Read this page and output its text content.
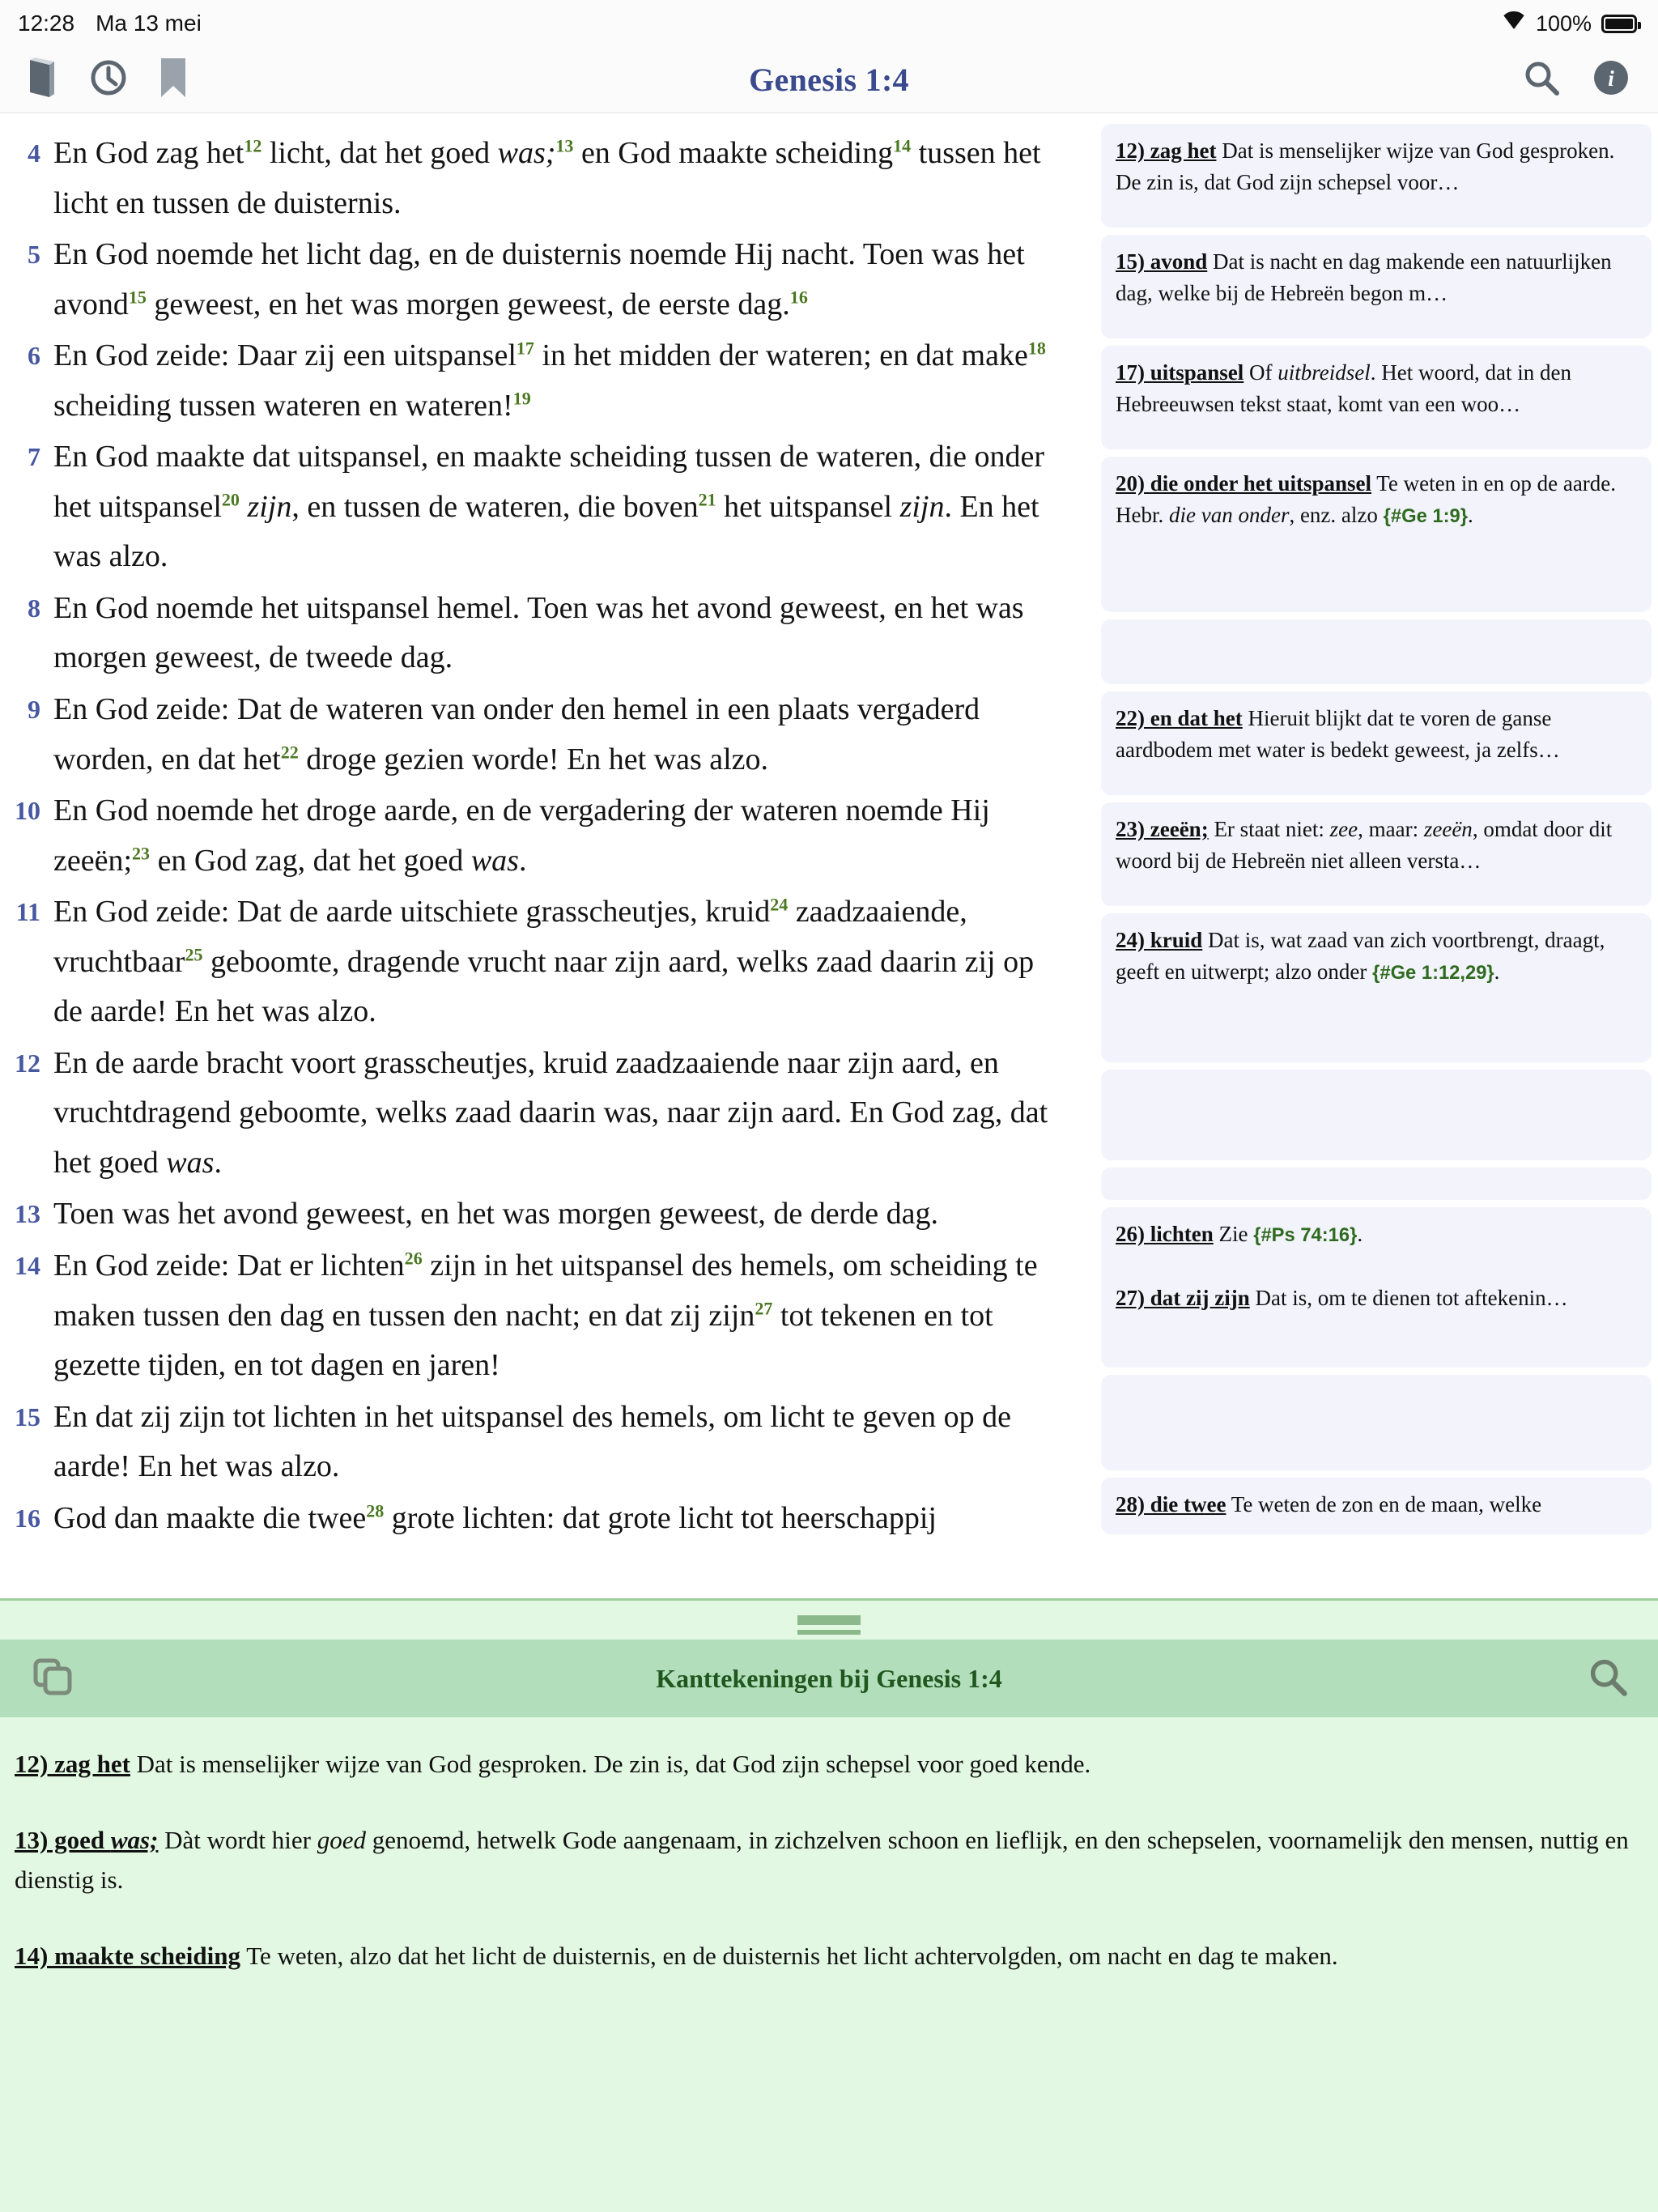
12:28 Ma 13 mei	100%
Genesis 1:4	i
4 En God zag het$^{12}$ licht, dat het goed was;$^{13}$ en God maakte scheiding$^{14}$ tussen het licht en tussen de duisternis.
5 En God noemde het licht dag, en de duisternis noemde Hij nacht. Toen was het avond$^{15}$ geweest, en het was morgen geweest, de eerste dag.$^{16}$
6 En God zeide: Daar zij een uitspansel$^{17}$ in het midden der wateren; en dat make$^{18}$ scheiding tussen wateren en wateren!$^{19}$
7 En God maakte dat uitspansel, en maakte scheiding tussen de wateren, die onder het uitspansel$^{20}$ zijn, en tussen de wateren, die boven$^{21}$ het uitspansel zijn. En het was alzo.
8 En God noemde het uitspansel hemel. Toen was het avond geweest, en het was morgen geweest, de tweede dag.
9 En God zeide: Dat de wateren van onder den hemel in een plaats vergaderd worden, en dat het$^{22}$ droge gezien worde! En het was alzo.
10 En God noemde het droge aarde, en de vergadering der wateren noemde Hij zeeën;$^{23}$ en God zag, dat het goed was.
11 En God zeide: Dat de aarde uitschiete grasscheutjes, kruid$^{24}$ zaadzaaiende, vruchtbaar$^{25}$ geboomte, dragende vrucht naar zijn aard, welks zaad daarin zij op de aarde! En het was alzo.
12 En de aarde bracht voort grasscheutjes, kruid zaadzaaiende naar zijn aard, en vruchtdragend geboomte, welks zaad daarin was, naar zijn aard. En God zag, dat het goed was.
13 Toen was het avond geweest, en het was morgen geweest, de derde dag.
14 En God zeide: Dat er lichten$^{26}$ zijn in het uitspansel des hemels, om scheiding te maken tussen den dag en tussen den nacht; en dat zij zijn$^{27}$ tot tekenen en tot gezette tijden, en tot dagen en jaren!
15 En dat zij zijn tot lichten in het uitspansel des hemels, om licht te geven op de aarde! En het was alzo.
16 God dan maakte die twee$^{28}$ grote lichten: dat grote licht tot heerschappij
12) zag het Dat is menselijker wijze van God gesproken. De zin is, dat God zijn schepsel voor…
15) avond Dat is nacht en dag makende een natuurlijken dag, welke bij de Hebreën begon m…
17) uitspansel Of uitbreidsel. Het woord, dat in den Hebreeuwsen tekst staat, komt van een woo…
20) die onder het uitspansel Te weten in en op de aarde. Hebr. die van onder, enz. alzo {#Ge 1:9}.
22) en dat het Hieruit blijkt dat te voren de ganse aardbodem met water is bedekt geweest, ja zelfs…
23) zeeën; Er staat niet: zee, maar: zeeën, omdat door dit woord bij de Hebreën niet alleen versta…
24) kruid Dat is, wat zaad van zich voortbrengt, draagt, geeft en uitwerpt; alzo onder {#Ge 1:12,29}.
26) lichten Zie {#Ps 74:16}.

27) dat zij zijn Dat is, om te dienen tot aftekenin…
28) die twee Te weten de zon en de maan, welke
Kanttekeningen bij Genesis 1:4
12) zag het Dat is menselijker wijze van God gesproken. De zin is, dat God zijn schepsel voor goed kende.
13) goed was; Dàt wordt hier goed genoemd, hetwelk Gode aangenaam, in zichzelven schoon en lieflijk, en den schepselen, voornamelijk den mensen, nuttig en dienstig is.
14) maakte scheiding Te weten, alzo dat het licht de duisternis, en de duisternis het licht achtervolgden, om nacht en dag te maken.
